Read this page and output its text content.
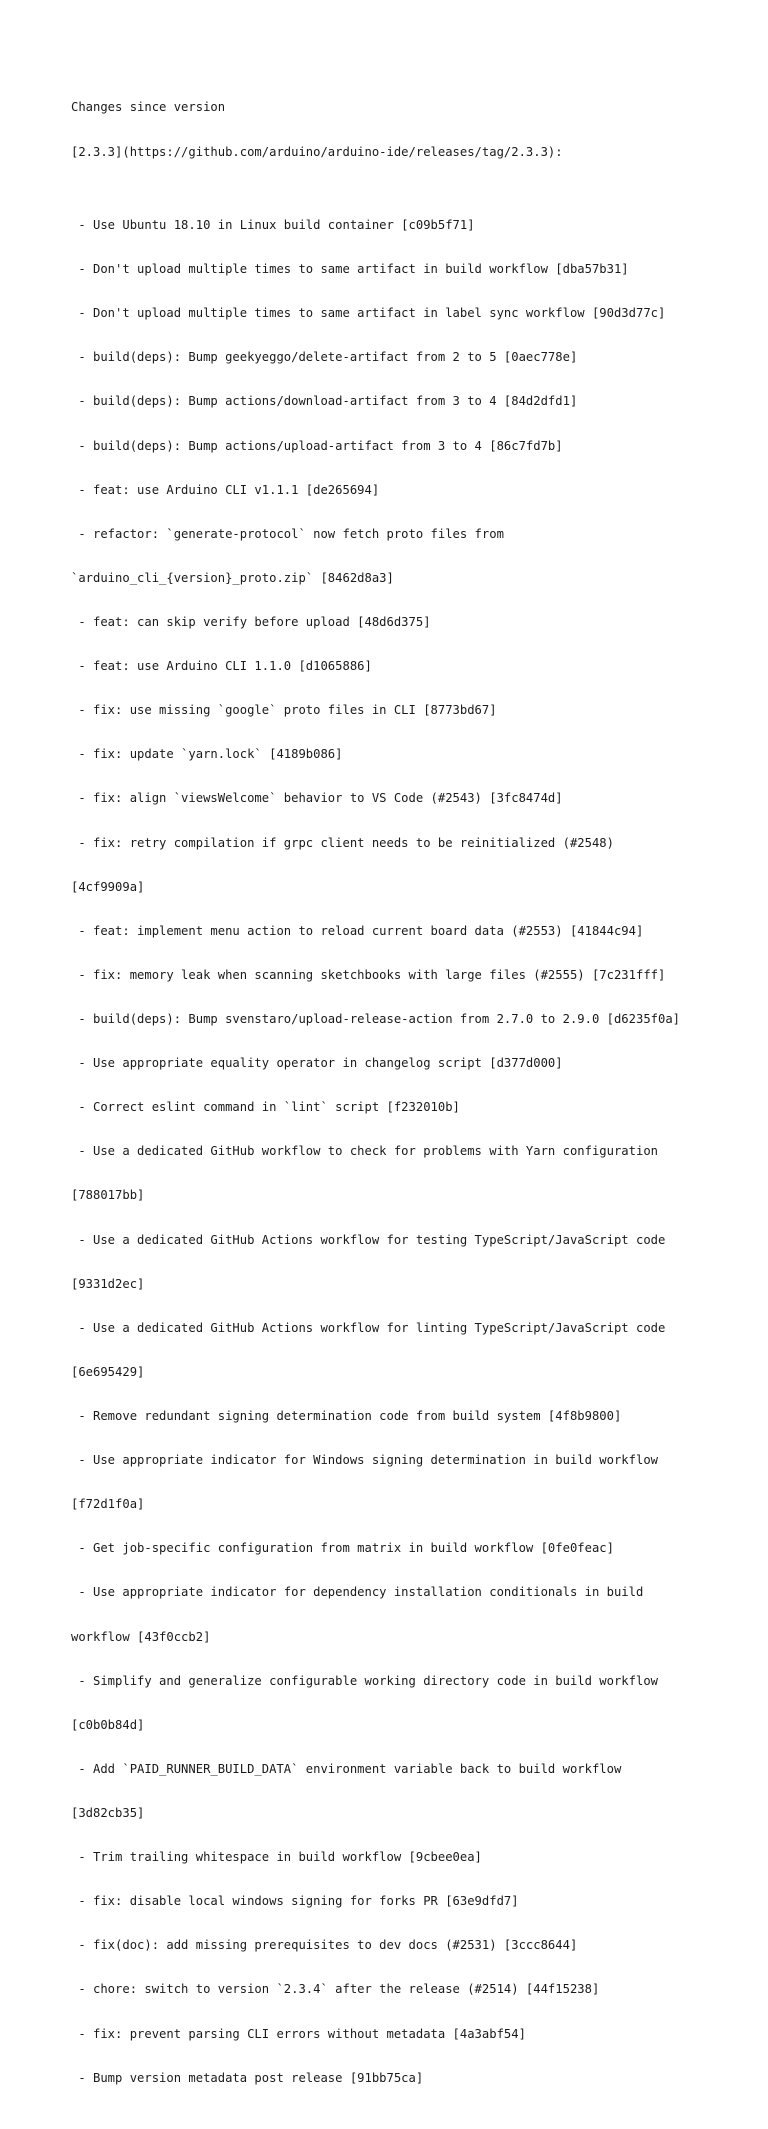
Changes since version

[2.3.3](https://github.com/arduino/arduino-ide/releases/tag/2.3.3):

- Use Ubuntu 18.10 in Linux build container [c09b5f71]

- Don't upload multiple times to same artifact in build workflow [dba57b31]

- Don't upload multiple times to same artifact in label sync workflow [90d3d77c]

- build(deps): Bump geekyeggo/delete-artifact from 2 to 5 [0aec778e]

- build(deps): Bump actions/download-artifact from 3 to 4 [84d2dfd1]

- build(deps): Bump actions/upload-artifact from 3 to 4 [86c7fd7b]

- feat: use Arduino CLI v1.1.1 [de265694]

- refactor: `generate-protocol` now fetch proto files from

`arduino_cli_{version}_proto.zip` [8462d8a3]

- feat: can skip verify before upload [48d6d375]

- feat: use Arduino CLI 1.1.0 [d1065886]

- fix: use missing `google` proto files in CLI [8773bd67]

- fix: update `yarn.lock` [4189b086]

- fix: align `viewsWelcome` behavior to VS Code (#2543) [3fc8474d]

- fix: retry compilation if grpc client needs to be reinitialized (#2548)

[4cf9909a]

- feat: implement menu action to reload current board data (#2553) [41844c94]

- fix: memory leak when scanning sketchbooks with large files (#2555) [7c231fff]

- build(deps): Bump svenstaro/upload-release-action from 2.7.0 to 2.9.0 [d6235f0a]

- Use appropriate equality operator in changelog script [d377d000]

- Correct eslint command in `lint` script [f232010b]

- Use a dedicated GitHub workflow to check for problems with Yarn configuration

[788017bb]

- Use a dedicated GitHub Actions workflow for testing TypeScript/JavaScript code

[9331d2ec]

- Use a dedicated GitHub Actions workflow for linting TypeScript/JavaScript code

[6e695429]

- Remove redundant signing determination code from build system [4f8b9800]

- Use appropriate indicator for Windows signing determination in build workflow

[f72d1f0a]

- Get job-specific configuration from matrix in build workflow [0fe0feac]

- Use appropriate indicator for dependency installation conditionals in build

workflow [43f0ccb2]

- Simplify and generalize configurable working directory code in build workflow

[c0b0b84d]

- Add `PAID_RUNNER_BUILD_DATA` environment variable back to build workflow

[3d82cb35]

- Trim trailing whitespace in build workflow [9cbee0ea]

- fix: disable local windows signing for forks PR [63e9dfd7]

- fix(doc): add missing prerequisites to dev docs (#2531) [3ccc8644]

- chore: switch to version `2.3.4` after the release (#2514) [44f15238]

- fix: prevent parsing CLI errors without metadata [4a3abf54]

- Bump version metadata post release [91bb75ca]
